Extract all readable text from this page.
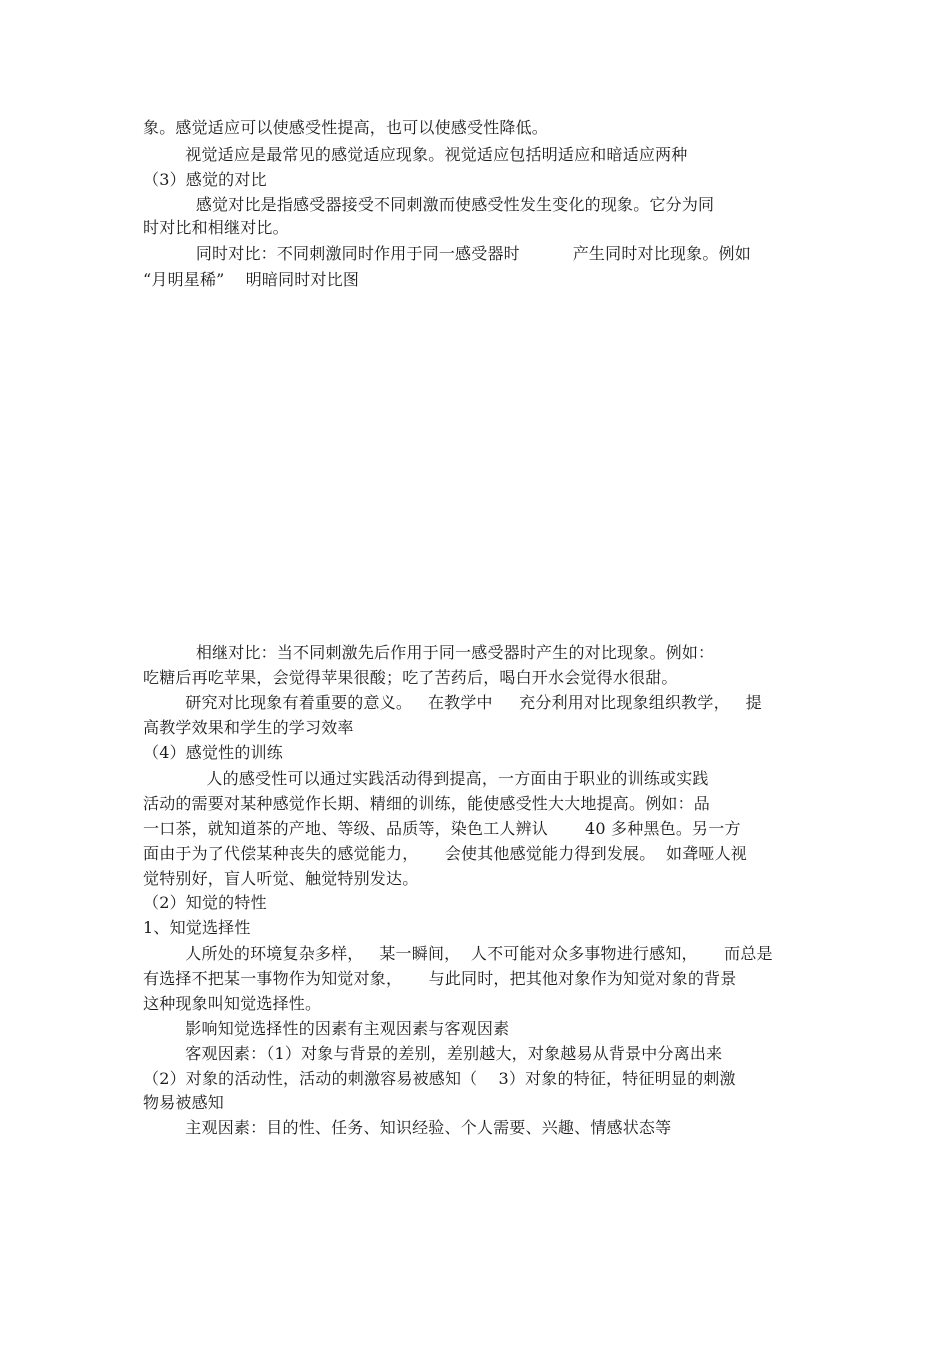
象。感觉适应可以使感受性提高，也可以使感受性降低。
视觉适应是最常见的感觉适应现象。视觉适应包括明适应和暗适应两种
（3）感觉的对比
感觉对比是指感受器接受不同刺激而使感受性发生变化的现象。它分为同
时对比和相继对比。
同时对比：不同刺激同时作用于同一感受器时          产生同时对比现象。例如
“月明星稀”    明暗同时对比图
相继对比：当不同刺激先后作用于同一感受器时产生的对比现象。例如：
吃糖后再吃苹果，会觉得苹果很酸；吃了苦药后，喝白开水会觉得水很甜。
研究对比现象有着重要的意义。   在教学中     充分利用对比现象组织教学，   提
高教学效果和学生的学习效率
（4）感觉性的训练
人的感受性可以通过实践活动得到提高，一方面由于职业的训练或实践
活动的需要对某种感觉作长期、精细的训练，能使感受性大大地提高。例如：品
一口茶，就知道茶的产地、等级、品质等，染色工人辨认       40 多种黑色。另一方
面由于为了代偿某种丧失的感觉能力，     会使其他感觉能力得到发展。  如聋哑人视
觉特别好，盲人听觉、触觉特别发达。
（2）知觉的特性
1、知觉选择性
人所处的环境复杂多样，   某一瞬间，  人不可能对众多事物进行感知，     而总是
有选择不把某一事物作为知觉对象，     与此同时，把其他对象作为知觉对象的背景
这种现象叫知觉选择性。
影响知觉选择性的因素有主观因素与客观因素
客观因素：（1）对象与背景的差别，差别越大，对象越易从背景中分离出来
（2）对象的活动性，活动的刺激容易被感知（    3）对象的特征，特征明显的刺激
物易被感知
主观因素：目的性、任务、知识经验、个人需要、兴趣、情感状态等
